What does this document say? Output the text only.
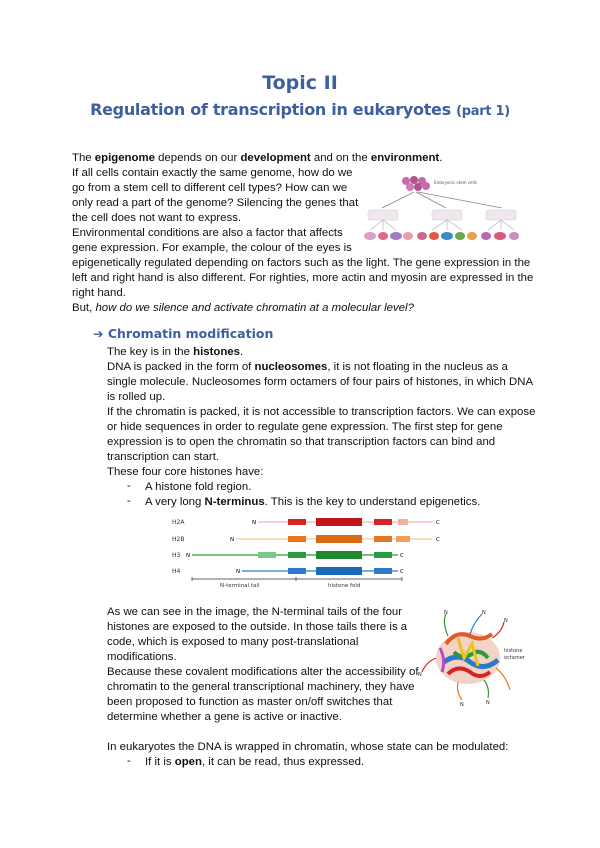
Topic II
Regulation of transcription in eukaryotes (part 1)
The epigenome depends on our development and on the environment.
If all cells contain exactly the same genome, how do we
go from a stem cell to different cell types? How can we
only read a part of the genome? Silencing the genes that
the cell does not want to express.
Environmental conditions are also a factor that affects
gene expression. For example, the colour of the eyes is
epigenetically regulated depending on factors such as the light. The gene expression in the
left and right hand is also different. For righties, more actin and myosin are expressed in the
right hand.
But, how do we silence and activate chromatin at a molecular level?
Embryonic stem cells
➔ Chromatin modification
The key is in the histones.
DNA is packed in the form of nucleosomes, it is not floating in the nucleus as a
single molecule. Nucleosomes form octamers of four pairs of histones, in which DNA
is rolled up.
If the chromatin is packed, it is not accessible to transcription factors. We can expose
or hide sequences in order to regulate gene expression. The first step for gene
expression is to open the chromatin so that transcription factors can bind and
transcription can start.
These four core histones have:
- A histone fold region.
- A very long N-terminus. This is the key to understand epigenetics.
H2A
H2B
H3
H4
N	C
N	C
N	C
N	C
N-terminal tail	histone fold
As we can see in the image, the N-terminal tails of the four
histones are exposed to the outside. In those tails there is a
code, which is exposed to many post-translational
modifications.
Because these covalent modifications alter the accessibility of
chromatin to the general transcriptional machinery, they have
been proposed to function as master on/off switches that
determine whether a gene is active or inactive.
N	N
N
N	N
N
histone
octamer
In eukaryotes the DNA is wrapped in chromatin, whose state can be modulated:
- If it is open, it can be read, thus expressed.
